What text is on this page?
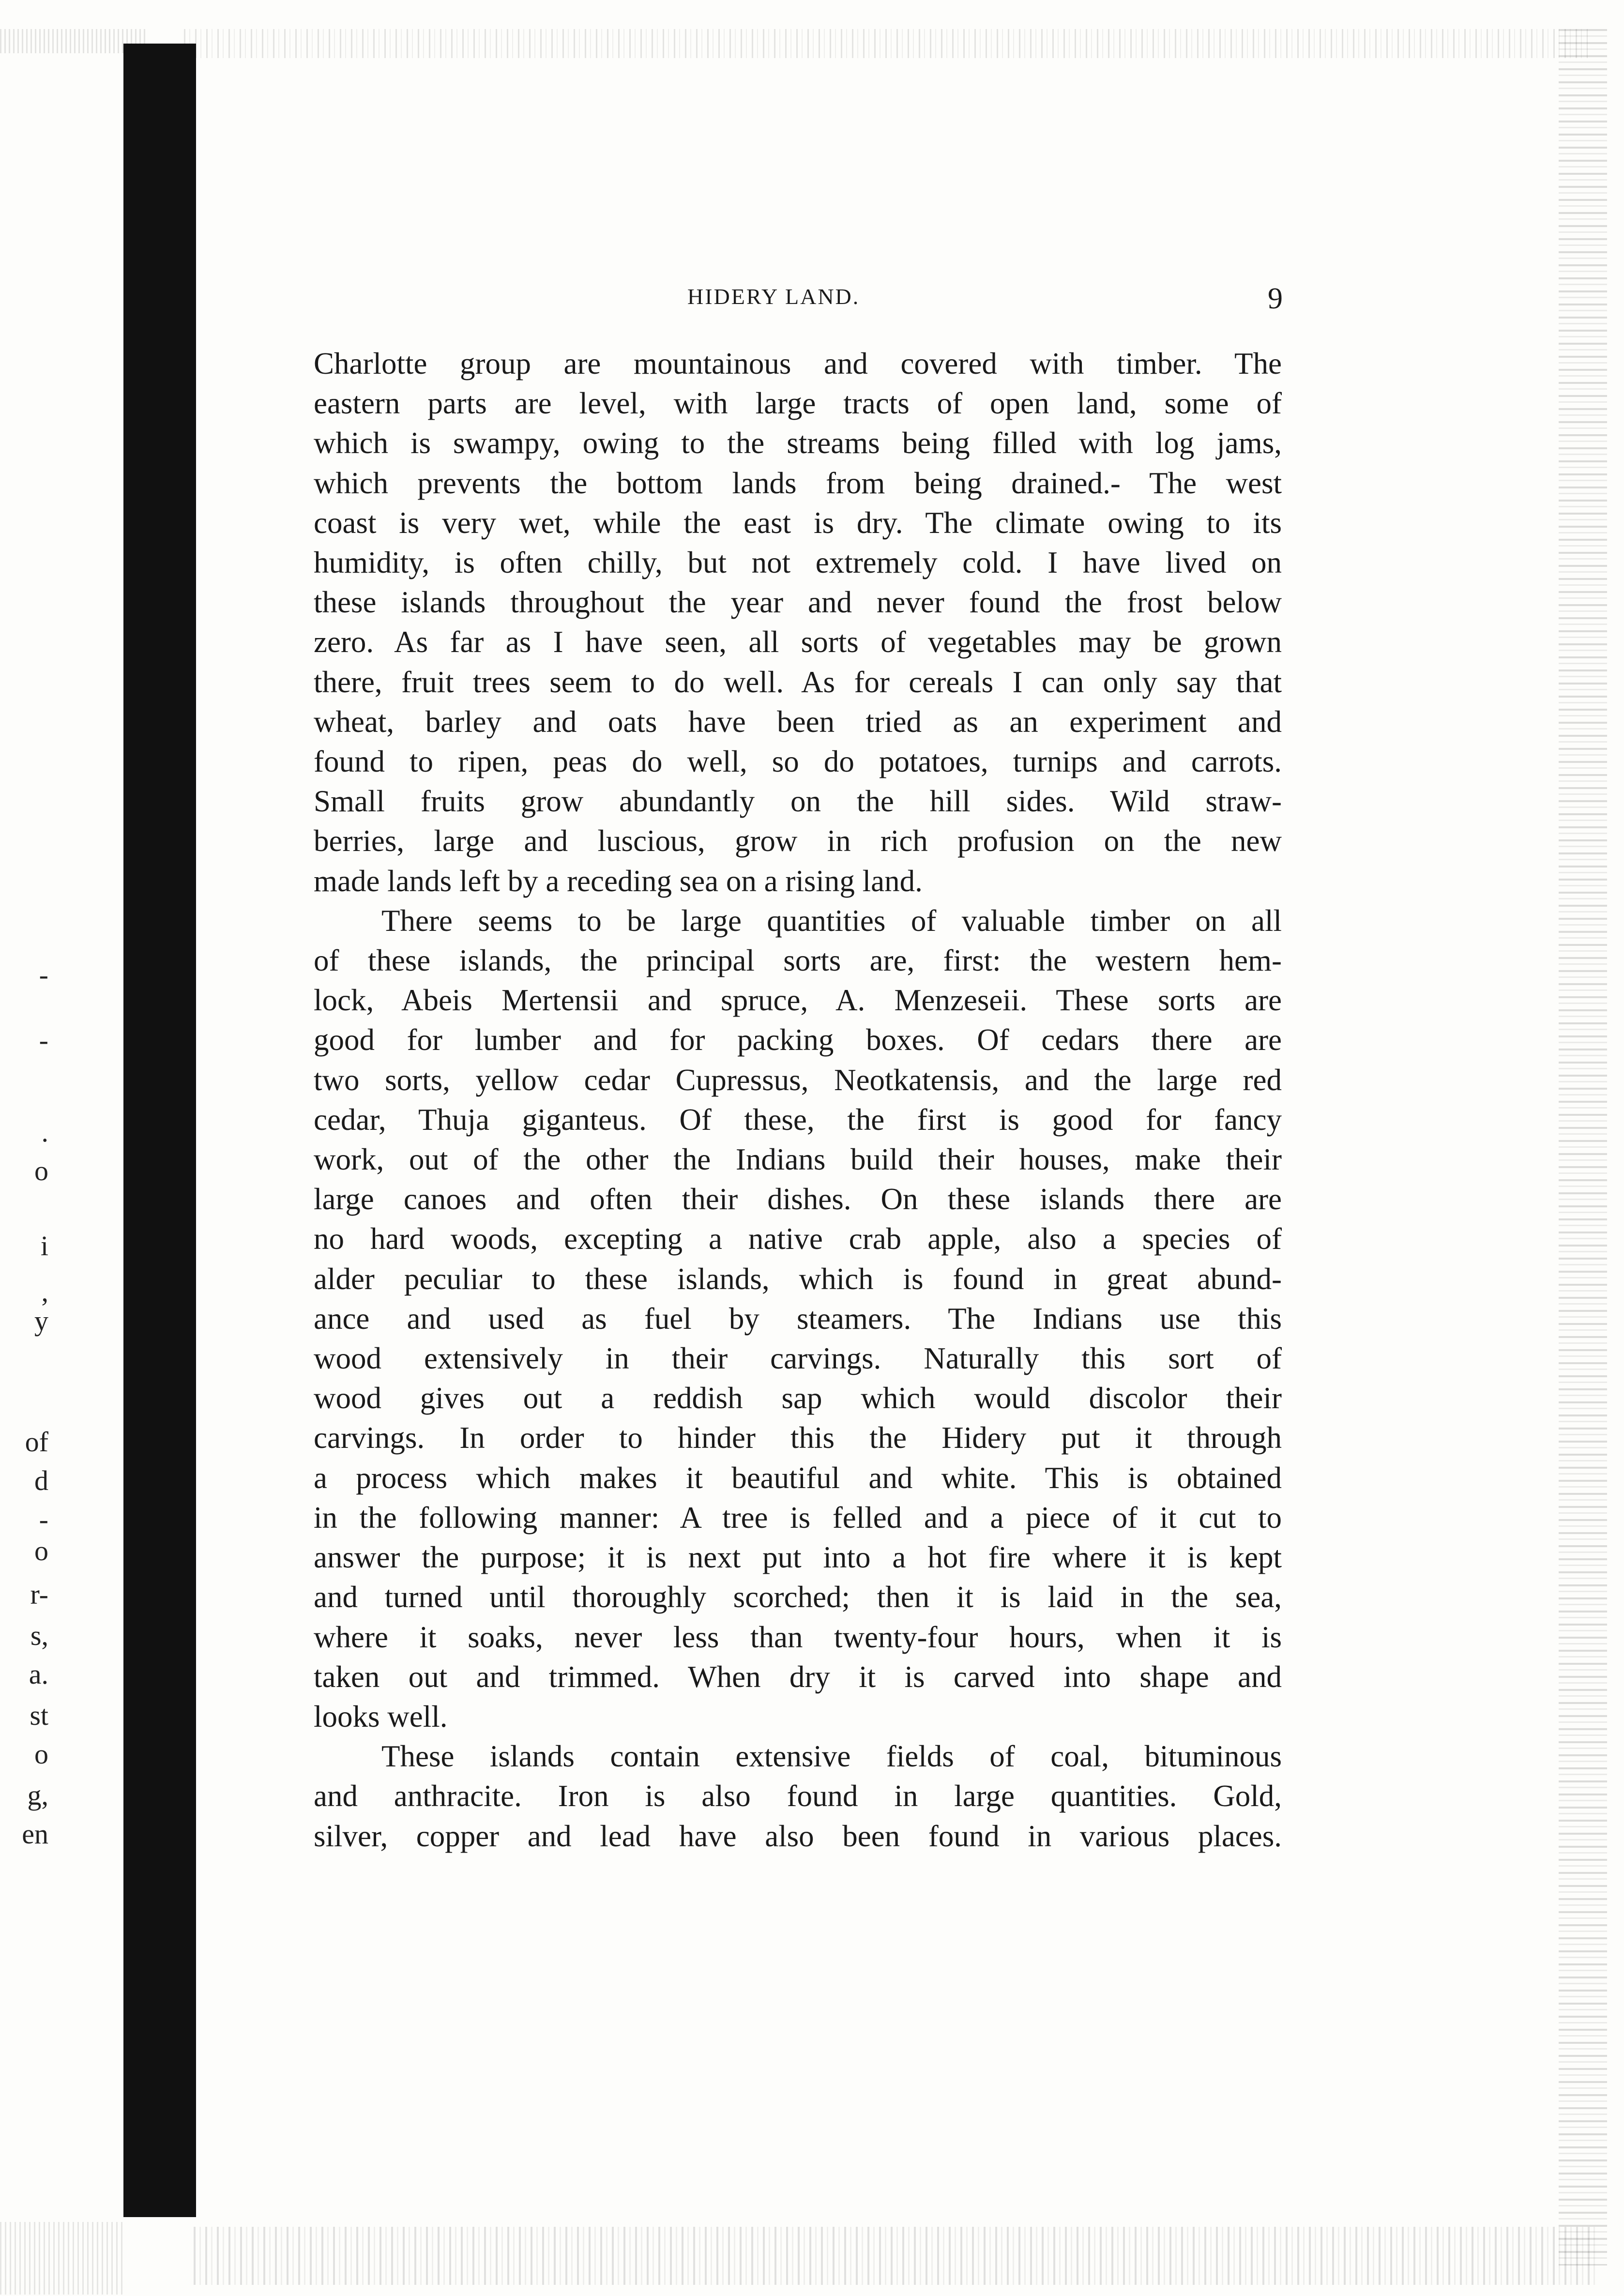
-
-
.
o
i
,
y
of
d
-
o
r-
s,
a.
st
o
g,
en
HIDERY LAND.	9

Charlotte group are mountainous and covered with timber. The
eastern parts are level, with large tracts of open land, some of
which is swampy, owing to the streams being filled with log jams,
which prevents the bottom lands from being drained.- The west
coast is very wet, while the east is dry. The climate owing to its
humidity, is often chilly, but not extremely cold. I have lived on
these islands throughout the year and never found the frost below
zero. As far as I have seen, all sorts of vegetables may be grown
there, fruit trees seem to do well. As for cereals I can only say that
wheat, barley and oats have been tried as an experiment and
found to ripen, peas do well, so do potatoes, turnips and carrots.
Small fruits grow abundantly on the hill sides. Wild straw-
berries, large and luscious, grow in rich profusion on the new
made lands left by a receding sea on a rising land.

There seems to be large quantities of valuable timber on all
of these islands, the principal sorts are, first: the western hem-
lock, Abeis Mertensii and spruce, A. Menzeseii. These sorts are
good for lumber and for packing boxes. Of cedars there are
two sorts, yellow cedar Cupressus, Neotkatensis, and the large red
cedar, Thuja giganteus. Of these, the first is good for fancy
work, out of the other the Indians build their houses, make their
large canoes and often their dishes. On these islands there are
no hard woods, excepting a native crab apple, also a species of
alder peculiar to these islands, which is found in great abund-
ance and used as fuel by steamers. The Indians use this
wood extensively in their carvings. Naturally this sort of
wood gives out a reddish sap which would discolor their
carvings. In order to hinder this the Hidery put it through
a process which makes it beautiful and white. This is obtained
in the following manner: A tree is felled and a piece of it cut to
answer the purpose; it is next put into a hot fire where it is kept
and turned until thoroughly scorched; then it is laid in the sea,
where it soaks, never less than twenty-four hours, when it is
taken out and trimmed. When dry it is carved into shape and
looks well.

These islands contain extensive fields of coal, bituminous
and anthracite. Iron is also found in large quantities. Gold,
silver, copper and lead have also been found in various places.
